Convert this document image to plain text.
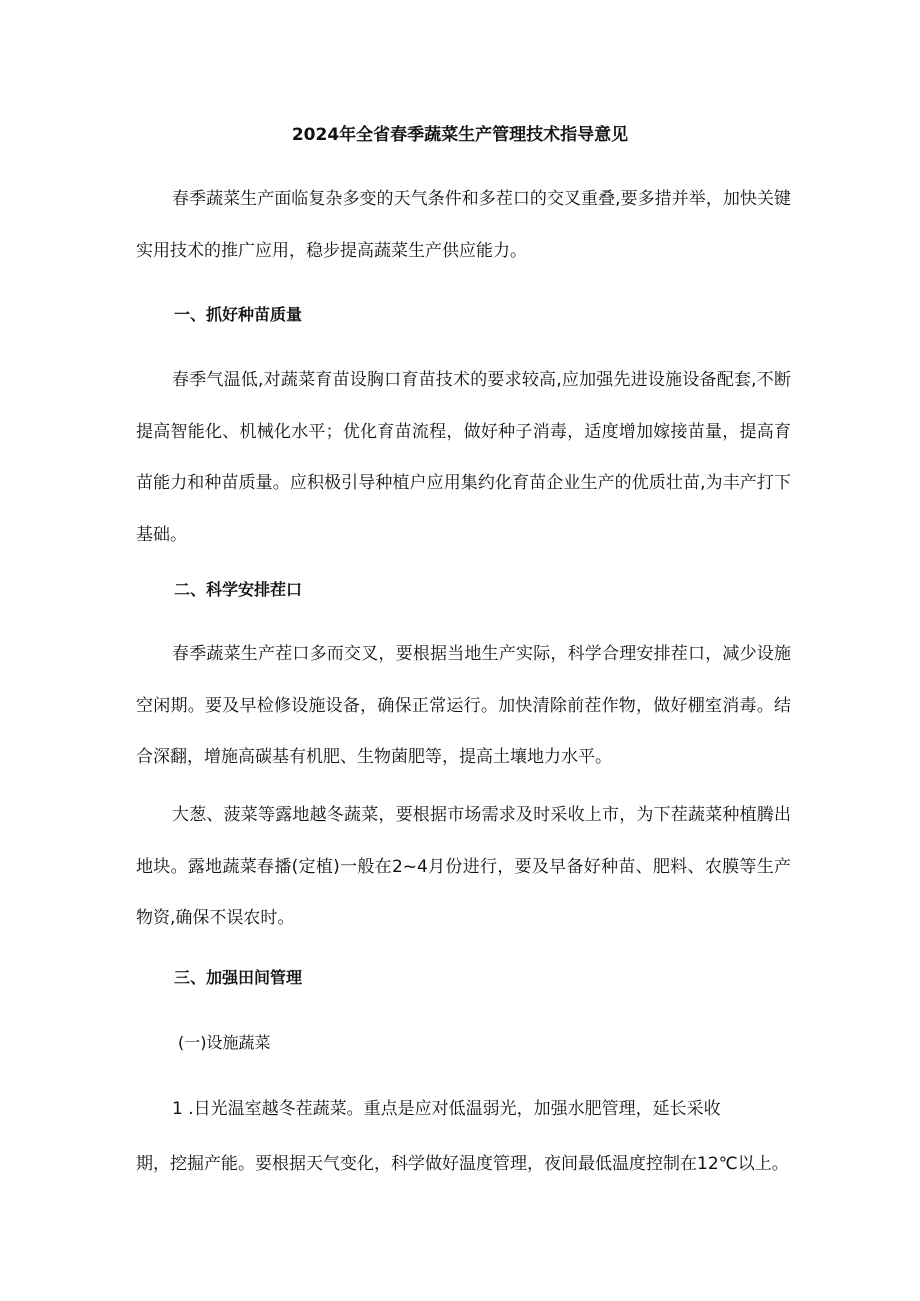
2024年全省春季蔬菜生产管理技术指导意见

春季蔬菜生产面临复杂多变的天气条件和多茬口的交叉重叠,要多措并举，加快关键实用技术的推广应用，稳步提高蔬菜生产供应能力。

一、抓好种苗质量

春季气温低,对蔬菜育苗设胸口育苗技术的要求较高,应加强先进设施设备配套,不断提高智能化、机械化水平；优化育苗流程，做好种子消毒，适度增加嫁接苗量，提高育苗能力和种苗质量。应积极引导种植户应用集约化育苗企业生产的优质壮苗,为丰产打下基础。

二、科学安排茬口

春季蔬菜生产茬口多而交叉，要根据当地生产实际，科学合理安排茬口，减少设施空闲期。要及早检修设施设备，确保正常运行。加快清除前茬作物，做好棚室消毒。结合深翻，增施高碳基有机肥、生物菌肥等，提高土壤地力水平。

大葱、菠菜等露地越冬蔬菜，要根据市场需求及时采收上市，为下茬蔬菜种植腾出地块。露地蔬菜春播(定植)一般在2~4月份进行，要及早备好种苗、肥料、农膜等生产物资,确保不误农时。

三、加强田间管理
(一)设施蔬菜
1 .日光温室越冬茬蔬菜。重点是应对低温弱光，加强水肥管理，延长采收
期，挖掘产能。要根据天气变化，科学做好温度管理，夜间最低温度控制在12℃以上。
